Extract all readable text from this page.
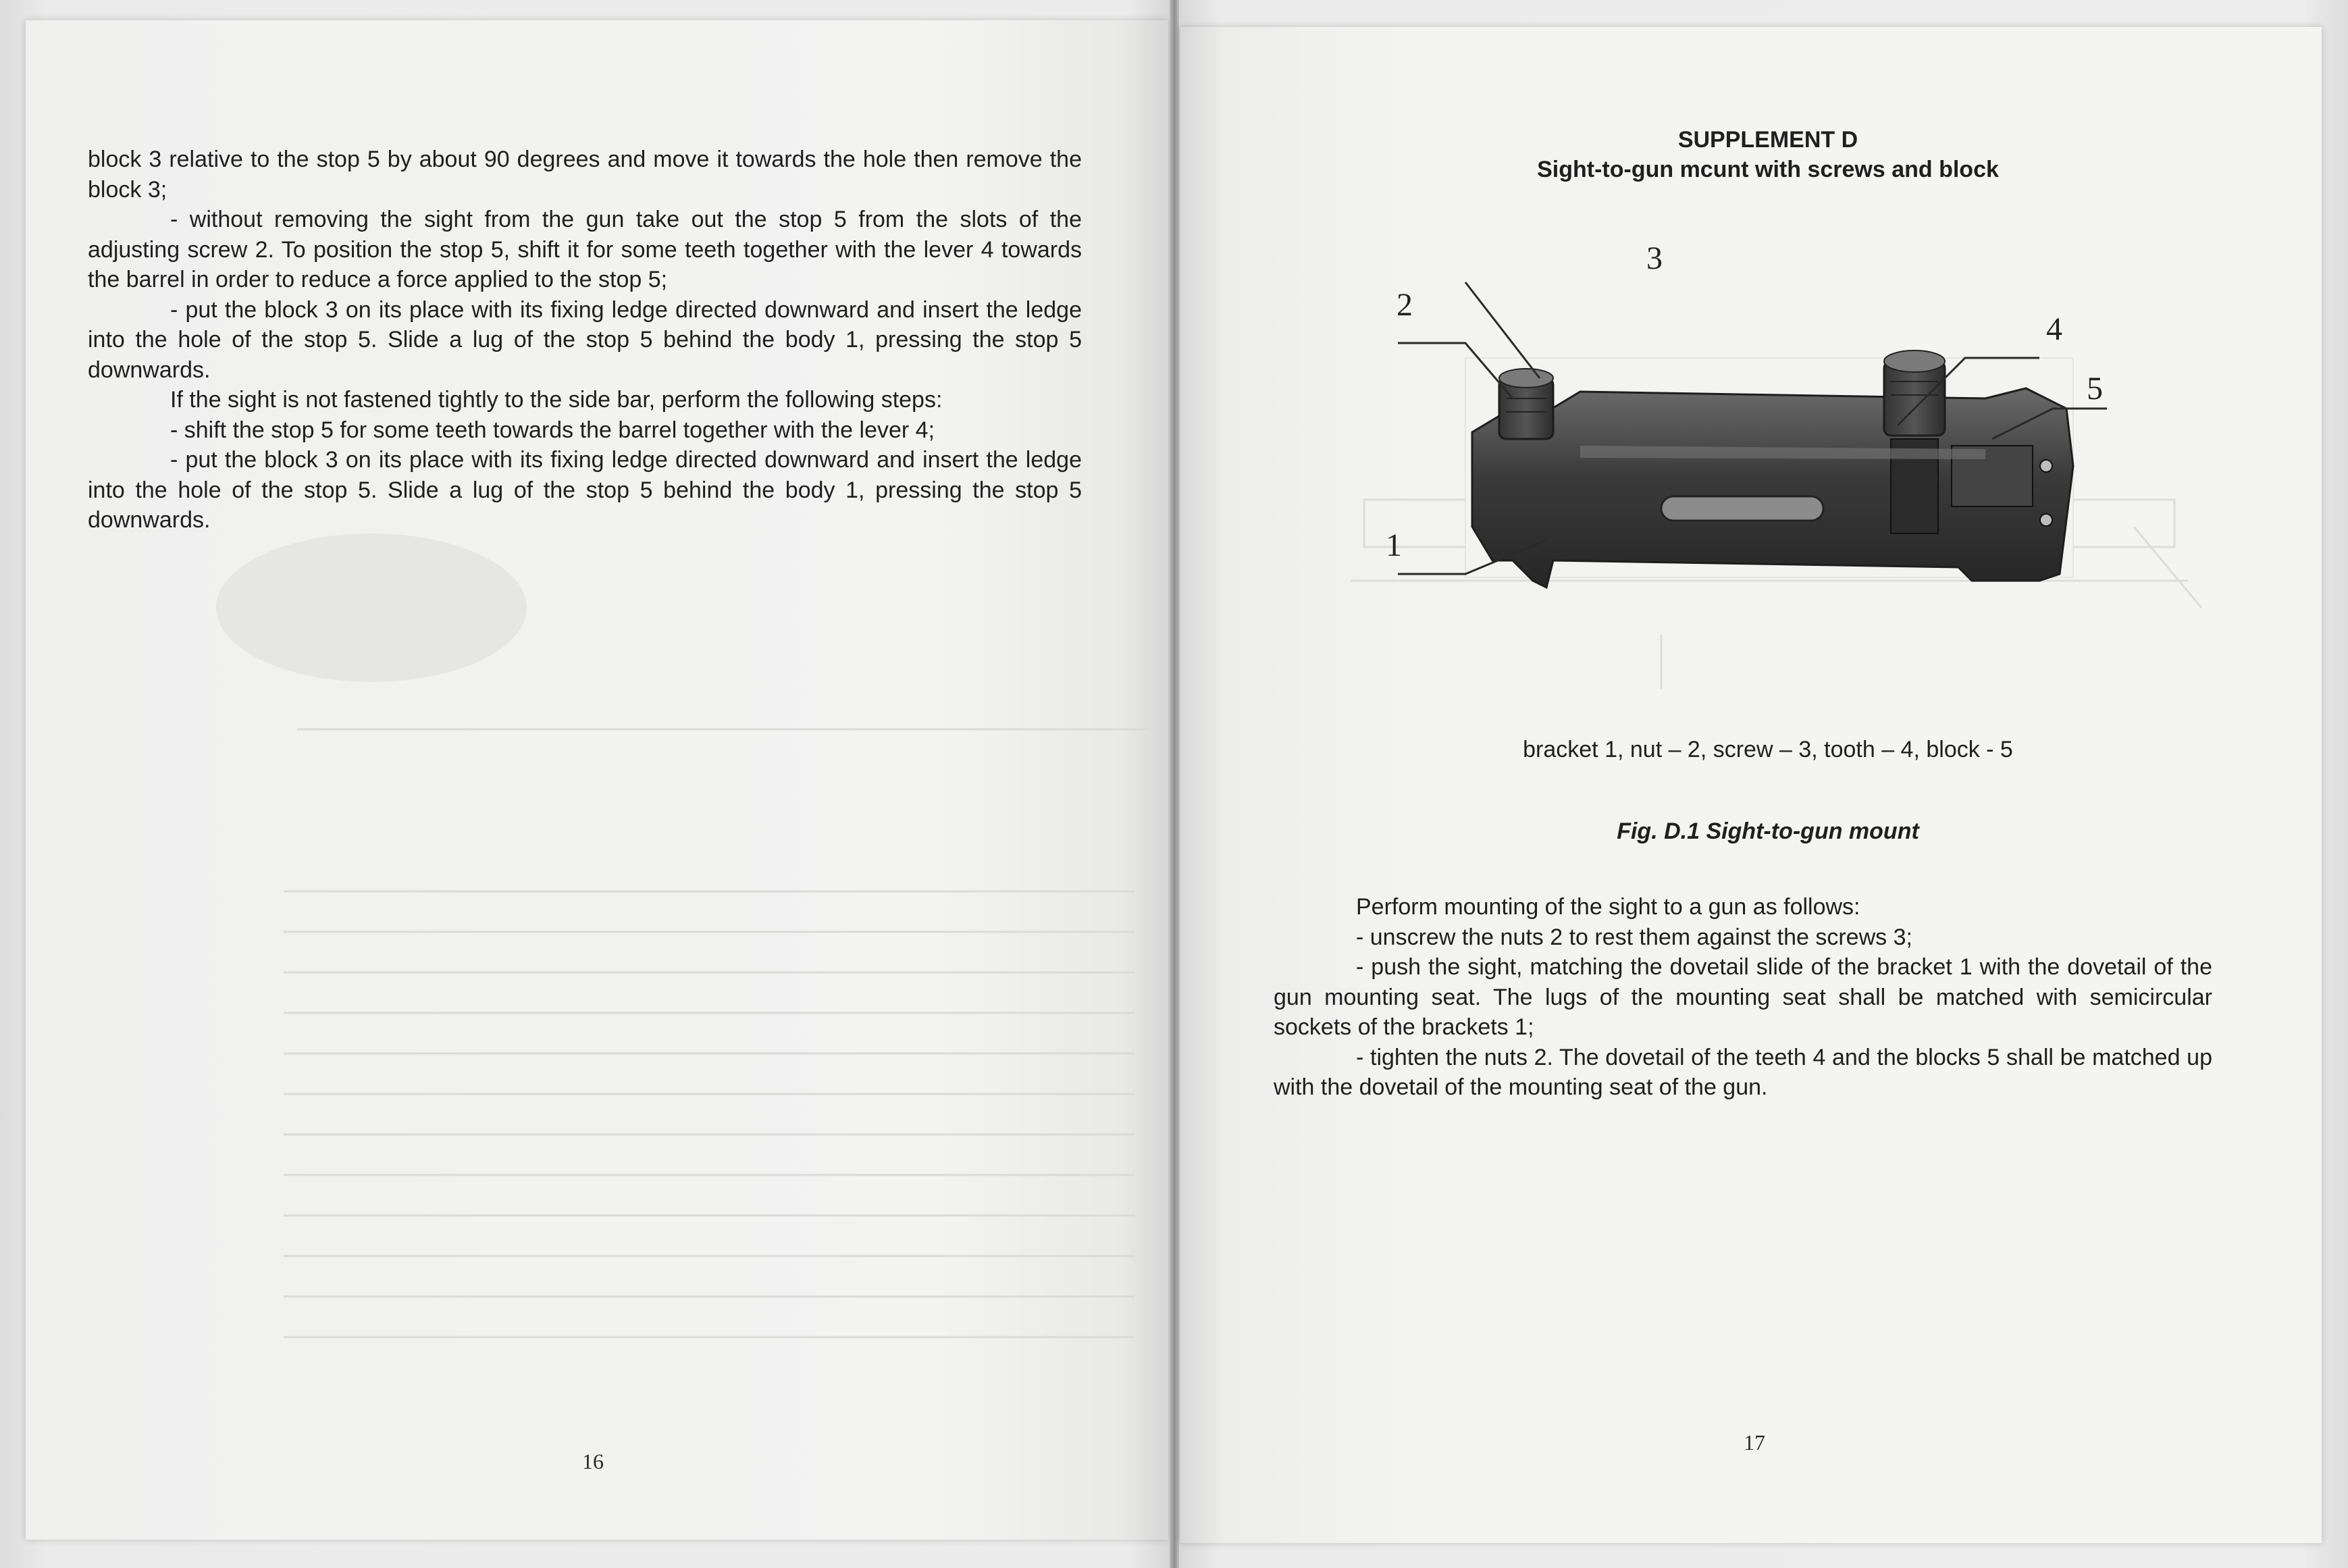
block 3 relative to the stop 5 by about 90 degrees and move it towards the hole then remove the block 3;

- without removing the sight from the gun take out the stop 5 from the slots of the adjusting screw 2. To position the stop 5, shift it for some teeth together with the lever 4 towards the barrel in order to reduce a force applied to the stop 5;

- put the block 3 on its place with its fixing ledge directed downward and insert the ledge into the hole of the stop 5. Slide a lug of the stop 5 behind the body 1, pressing the stop 5 downwards.

If the sight is not fastened tightly to the side bar, perform the following steps:

- shift the stop 5 for some teeth towards the barrel together with the lever 4;

- put the block 3 on its place with its fixing ledge directed downward and insert the ledge into the hole of the stop 5. Slide a lug of the stop 5 behind the body 1, pressing the stop 5 downwards.

16
SUPPLEMENT D
Sight-to-gun mcunt with screws and block
3
2
4
5
1
bracket 1, nut – 2, screw – 3, tooth – 4, block - 5
Fig. D.1 Sight-to-gun mount

Perform mounting of the sight to a gun as follows:

- unscrew the nuts 2 to rest them against the screws 3;

- push the sight, matching the dovetail slide of the bracket 1 with the dovetail of the gun mounting seat. The lugs of the mounting seat shall be matched with semicircular sockets of the brackets 1;

- tighten the nuts 2. The dovetail of the teeth 4 and the blocks 5 shall be matched up with the dovetail of the mounting seat of the gun.

17
